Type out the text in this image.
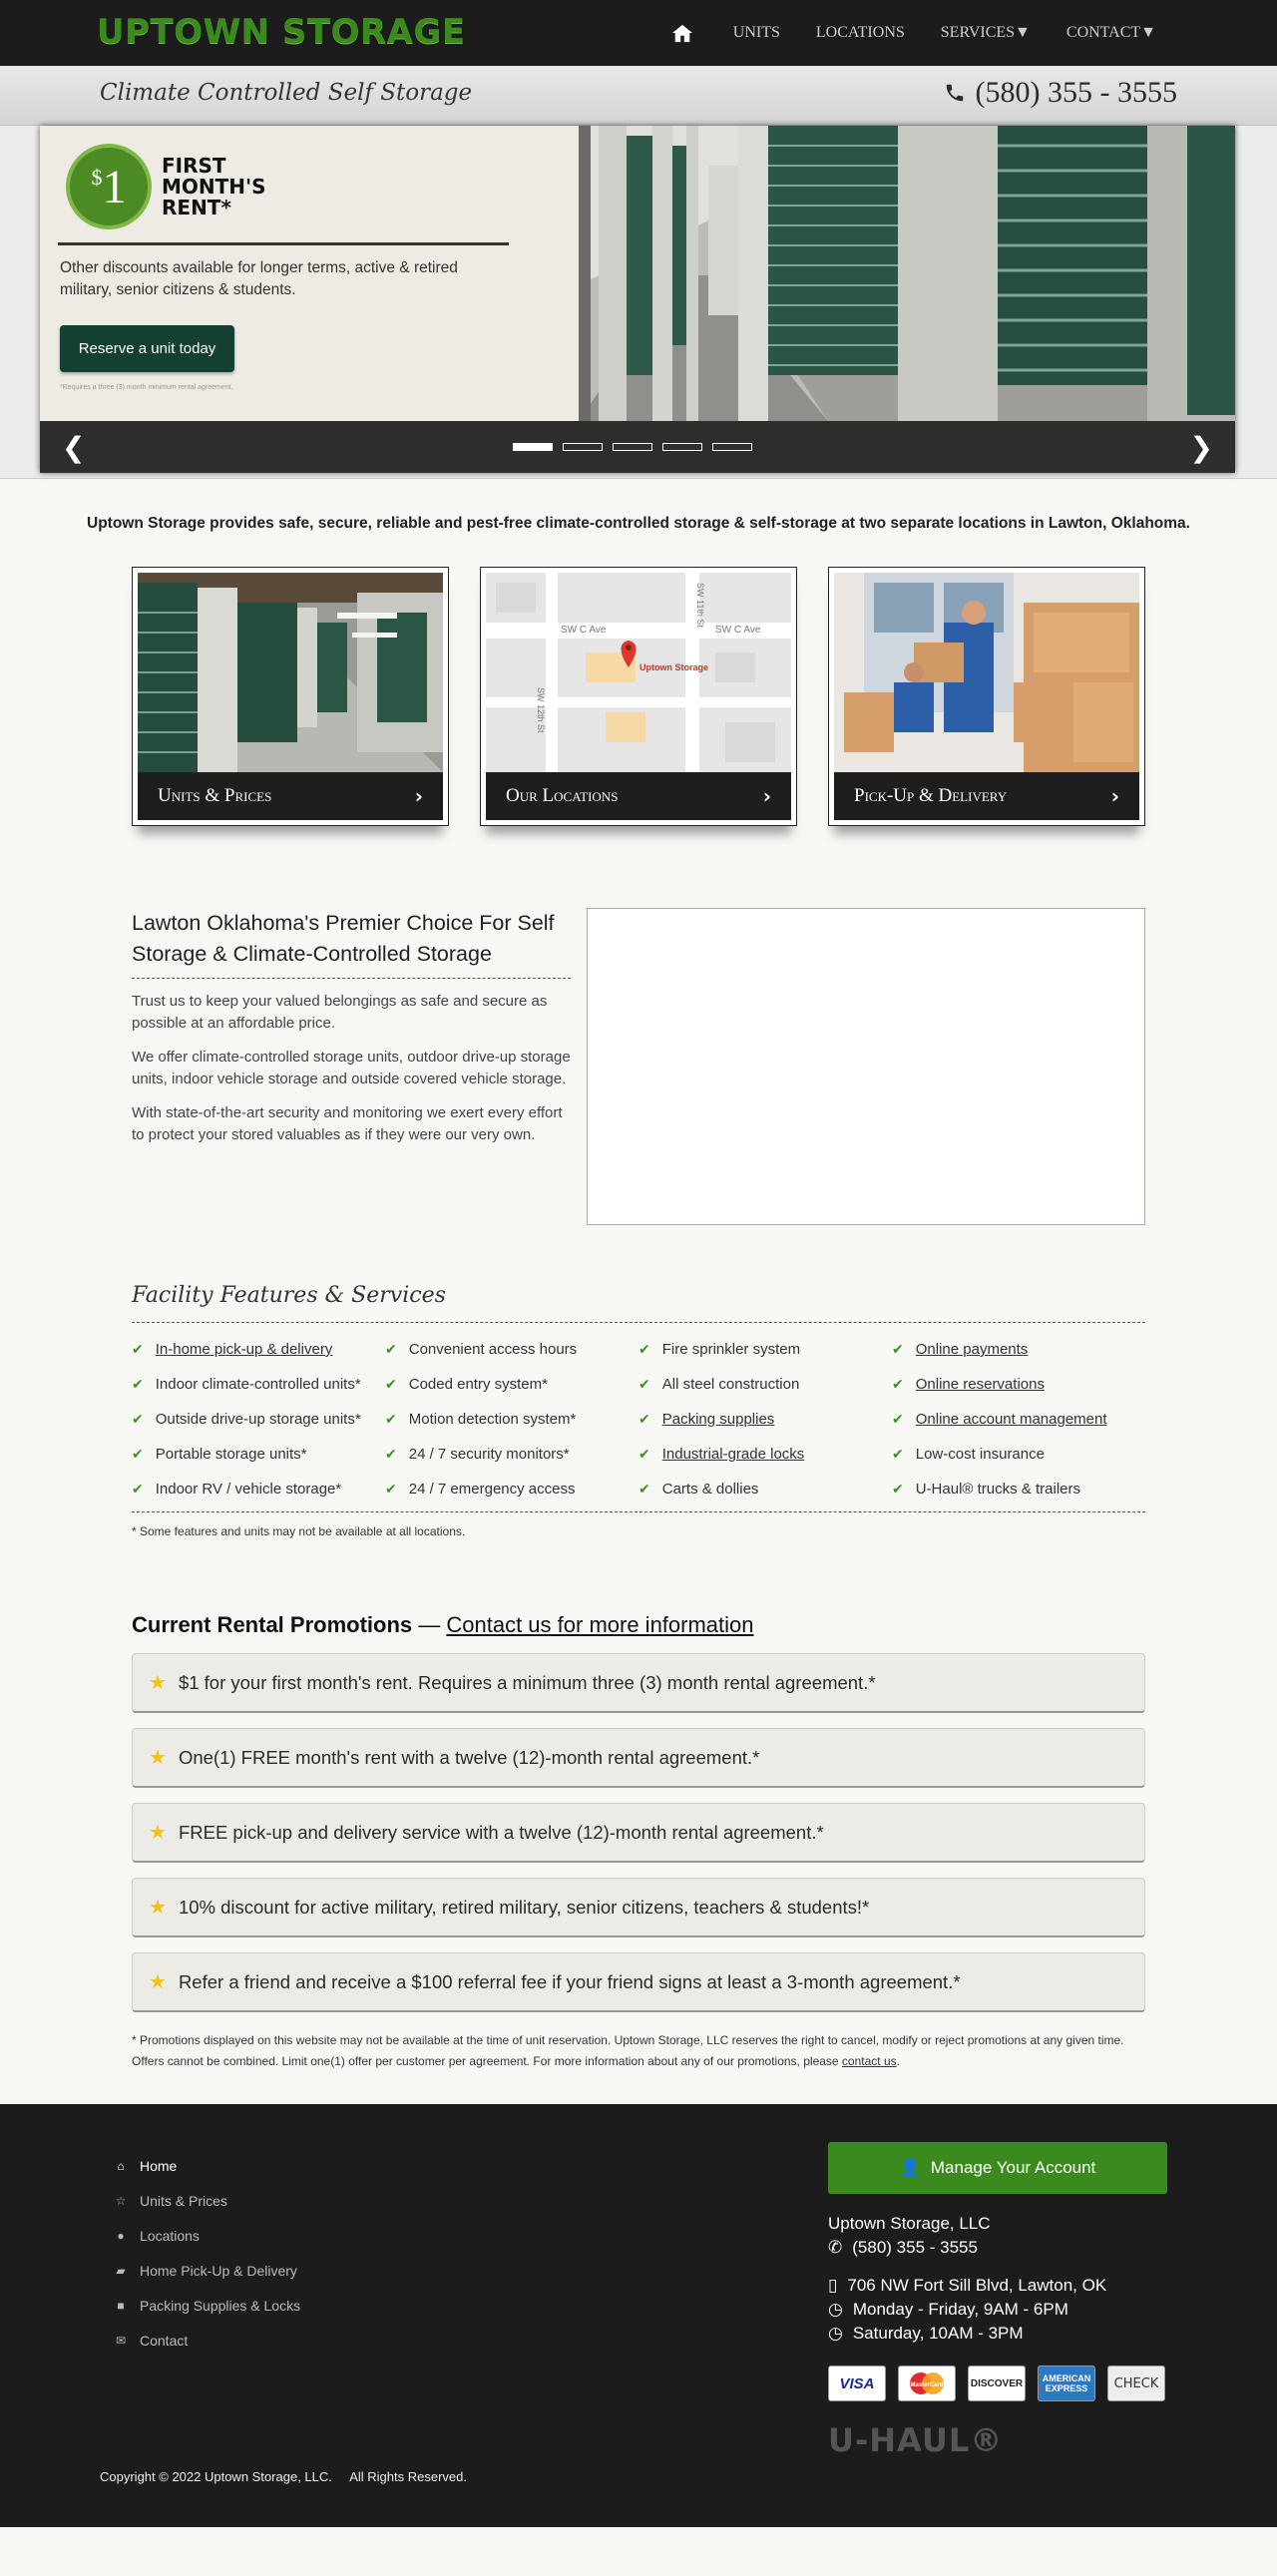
UPTOWN STORAGE	UNITS	LOCATIONS	SERVICES▼	CONTACT▼
Climate Controlled Self Storage	(580) 355 - 3555
$ 1 FIRST
MONTH'S
RENT*
Other discounts available for longer terms, active & retired military, senior citizens & students.
Reserve a unit today
*Requires a three (3) month minimum rental agreement.
❮	❯

Uptown Storage provides safe, secure, reliable and pest-free climate-controlled storage & self-storage at two separate locations in Lawton, Oklahoma.

Units & Prices	›
SW C Ave	SW C Ave
SW 11th St
SW 12th St
Uptown Storage
Our Locations	›	Pick-Up & Delivery	›
Lawton Oklahoma's Premier Choice For Self Storage & Climate-Controlled Storage

Trust us to keep your valued belongings as safe and secure as possible at an affordable price.

We offer climate-controlled storage units, outdoor drive-up storage units, indoor vehicle storage and outside covered vehicle storage.

With state-of-the-art security and monitoring we exert every effort to protect your stored valuables as if they were our very own.

Facility Features & Services
✔ In-home pick-up & delivery	✔ Convenient access hours	✔ Fire sprinkler system	✔ Online payments
✔ Indoor climate-controlled units* ✔ Coded entry system*	✔ All steel construction	✔ Online reservations
✔ Outside drive-up storage units* ✔ Motion detection system*	✔ Packing supplies	✔ Online account management
✔ Portable storage units*	✔ 24 / 7 security monitors*	✔ Industrial-grade locks	✔ Low-cost insurance
✔ Indoor RV / vehicle storage*	✔ 24 / 7 emergency access	✔ Carts & dollies	✔ U-Haul® trucks & trailers

* Some features and units may not be available at all locations.

Current Rental Promotions — Contact us for more information
★ $1 for your first month's rent. Requires a minimum three (3) month rental agreement.*
★ One(1) FREE month's rent with a twelve (12)-month rental agreement.*
★ FREE pick-up and delivery service with a twelve (12)-month rental agreement.*
★ 10% discount for active military, retired military, senior citizens, teachers & students!*
★ Refer a friend and receive a $100 referral fee if your friend signs at least a 3-month agreement.*

* Promotions displayed on this website may not be available at the time of unit reservation. Uptown Storage, LLC reserves the right to cancel, modify or reject promotions at any given time. Offers cannot be combined. Limit one(1) offer per customer per agreement. For more information about any of our promotions, please contact us.

⌂ Home
☆ Units & Prices
● Locations
▰ Home Pick-Up & Delivery
■ Packing Supplies & Locks
✉ Contact
👤 Manage Your Account
Uptown Storage, LLC
✆ (580) 355 - 3555
▯ 706 NW Fort Sill Blvd, Lawton, OK
◷ Monday - Friday, 9AM - 6PM
◷ Saturday, 10AM - 3PM
VISA	MasterCard	DISCOVER	AMERICAN EXPRESS	CHECK
U-HAUL®
Copyright © 2022 Uptown Storage, LLC.     All Rights Reserved.
